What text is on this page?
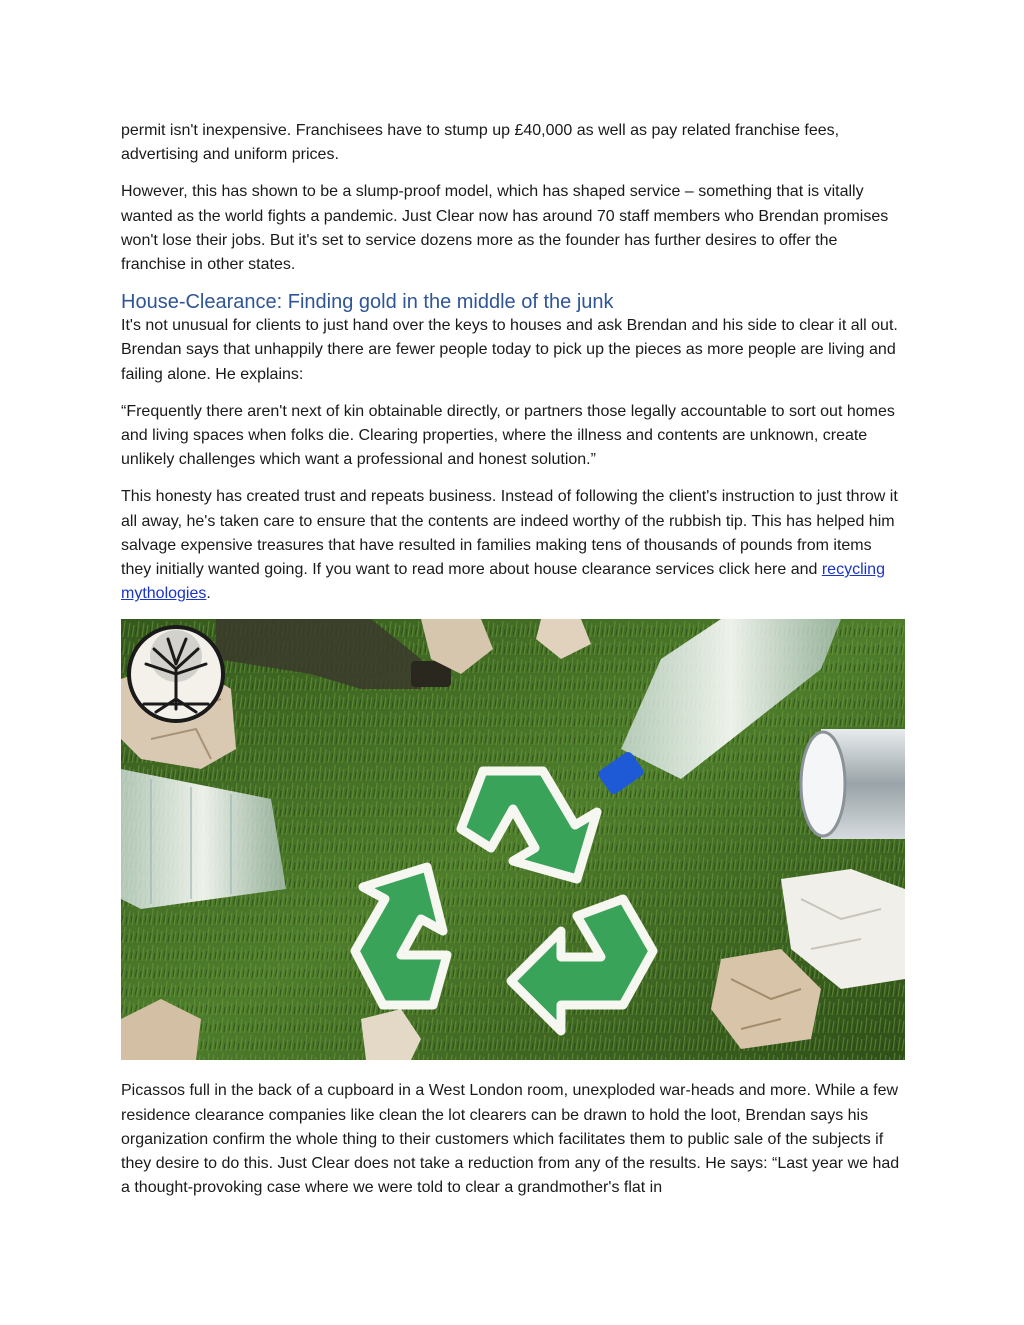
permit isn't inexpensive. Franchisees have to stump up £40,000 as well as pay related franchise fees, advertising and uniform prices.

However, this has shown to be a slump-proof model, which has shaped service – something that is vitally wanted as the world fights a pandemic. Just Clear now has around 70 staff members who Brendan promises won't lose their jobs. But it's set to service dozens more as the founder has further desires to offer the franchise in other states.

House-Clearance: Finding gold in the middle of the junk

It's not unusual for clients to just hand over the keys to houses and ask Brendan and his side to clear it all out. Brendan says that unhappily there are fewer people today to pick up the pieces as more people are living and failing alone. He explains:

“Frequently there aren't next of kin obtainable directly, or partners those legally accountable to sort out homes and living spaces when folks die. Clearing properties, where the illness and contents are unknown, create unlikely challenges which want a professional and honest solution.”

This honesty has created trust and repeats business. Instead of following the client's instruction to just throw it all away, he's taken care to ensure that the contents are indeed worthy of the rubbish tip. This has helped him salvage expensive treasures that have resulted in families making tens of thousands of pounds from items they initially wanted going. If you want to read more about house clearance services click here and recycling mythologies.

Picassos full in the back of a cupboard in a West London room, unexploded war-heads and more. While a few residence clearance companies like clean the lot clearers can be drawn to hold the loot, Brendan says his organization confirm the whole thing to their customers which facilitates them to public sale of the subjects if they desire to do this. Just Clear does not take a reduction from any of the results. He says: “Last year we had a thought-provoking case where we were told to clear a grandmother's flat in
